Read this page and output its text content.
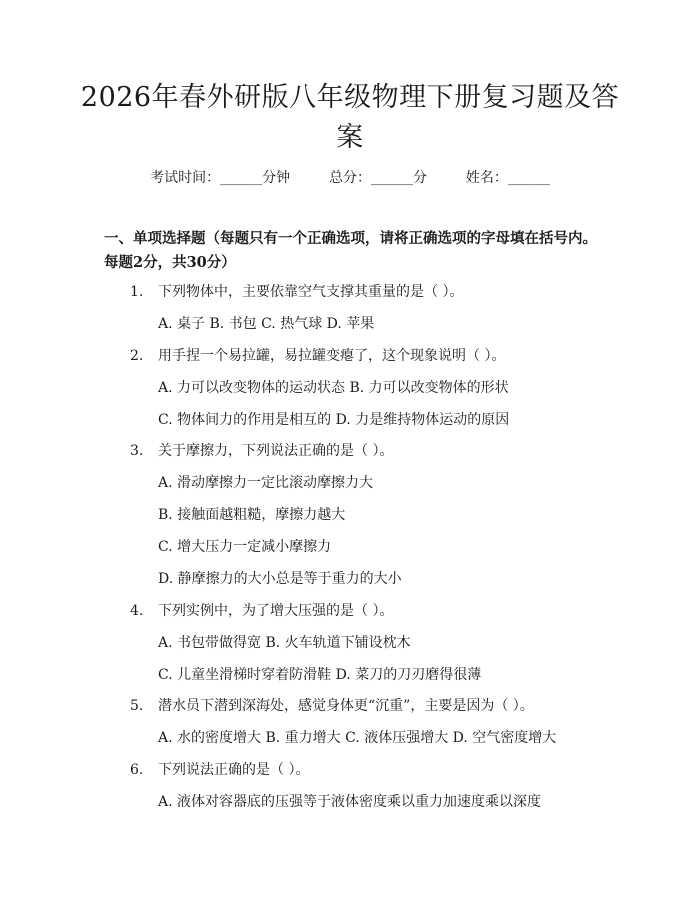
2026年春外研版八年级物理下册复习题及答案
考试时间：______分钟	总分：______分	姓名：______

一、单项选择题（每题只有一个正确选项，请将正确选项的字母填在括号内。每题2分，共30分）

1. 下列物体中，主要依靠空气支撑其重量的是（ ）。
A. 桌子 B. 书包 C. 热气球 D. 苹果
2. 用手捏一个易拉罐，易拉罐变瘪了，这个现象说明（ ）。
A. 力可以改变物体的运动状态 B. 力可以改变物体的形状
C. 物体间力的作用是相互的 D. 力是维持物体运动的原因
3. 关于摩擦力，下列说法正确的是（ ）。
A. 滑动摩擦力一定比滚动摩擦力大
B. 接触面越粗糙，摩擦力越大
C. 增大压力一定减小摩擦力
D. 静摩擦力的大小总是等于重力的大小
4. 下列实例中，为了增大压强的是（ ）。
A. 书包带做得宽 B. 火车轨道下铺设枕木
C. 儿童坐滑梯时穿着防滑鞋 D. 菜刀的刀刃磨得很薄
5. 潜水员下潜到深海处，感觉身体更“沉重”，主要是因为（ ）。
A. 水的密度增大 B. 重力增大 C. 液体压强增大 D. 空气密度增大
6. 下列说法正确的是（ ）。
A. 液体对容器底的压强等于液体密度乘以重力加速度乘以深度
